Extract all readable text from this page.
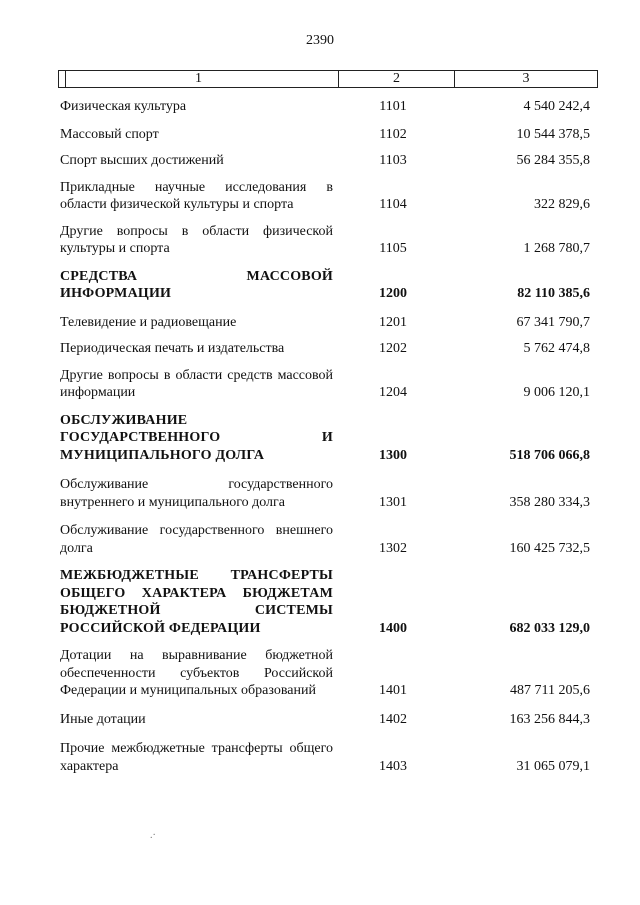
2390
1	2	3
Физическая культура	1101	4 540 242,4
Массовый спорт	1102	10 544 378,5
Спорт высших достижений	1103	56 284 355,8
Прикладные научные исследования в области физической культуры и спорта	1104	322 829,6
Другие вопросы в области физической культуры и спорта	1105	1 268 780,7
СРЕДСТВА МАССОВОЙ ИНФОРМАЦИИ	1200	82 110 385,6
Телевидение и радиовещание	1201	67 341 790,7
Периодическая печать и издательства	1202	5 762 474,8
Другие вопросы в области средств массовой информации	1204	9 006 120,1
ОБСЛУЖИВАНИЕ ГОСУДАРСТВЕННОГО И МУНИЦИПАЛЬНОГО ДОЛГА	1300	518 706 066,8
Обслуживание государственного внутреннего и муниципального долга	1301	358 280 334,3
Обслуживание государственного внешнего долга	1302	160 425 732,5
МЕЖБЮДЖЕТНЫЕ ТРАНСФЕРТЫ ОБЩЕГО ХАРАКТЕРА БЮДЖЕТАМ БЮДЖЕТНОЙ СИСТЕМЫ РОССИЙСКОЙ ФЕДЕРАЦИИ	1400	682 033 129,0
Дотации на выравнивание бюджетной обеспеченности субъектов Российской Федерации и муниципальных образований	1401	487 711 205,6
Иные дотации	1402	163 256 844,3
Прочие межбюджетные трансферты общего характера	1403	31 065 079,1
.·
